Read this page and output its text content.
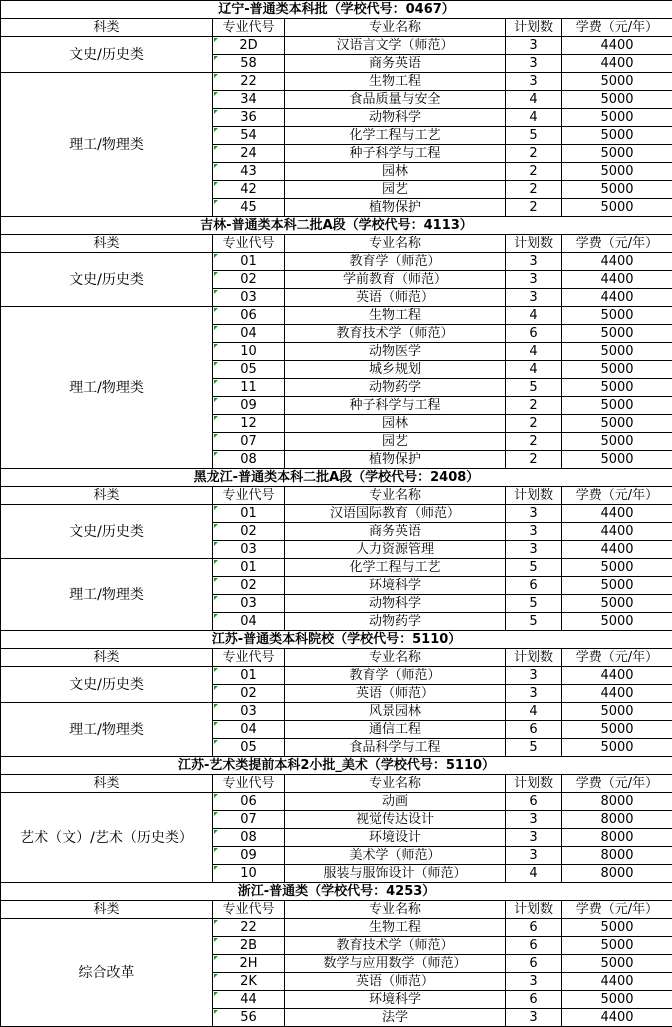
辽宁-普通类本科批（学校代号：0467）				
科类	专业代号	专业名称	计划数	学费（元/年）
文史/历史类	2D	汉语言文学（师范）	3	4400
	58	商务英语	3	4400
理工/物理类	22	生物工程	3	5000
	34	食品质量与安全	4	5000
	36	动物科学	4	5000
	54	化学工程与工艺	5	5000
	24	种子科学与工程	2	5000
	43	园林	2	5000
	42	园艺	2	5000
	45	植物保护	2	5000
吉林-普通类本科二批A段（学校代号：4113）				
科类	专业代号	专业名称	计划数	学费（元/年）
文史/历史类	01	教育学（师范）	3	4400
	02	学前教育（师范）	3	4400
	03	英语（师范）	3	4400
理工/物理类	06	生物工程	4	5000
	04	教育技术学（师范）	6	5000
	10	动物医学	4	5000
	05	城乡规划	4	5000
	11	动物药学	5	5000
	09	种子科学与工程	2	5000
	12	园林	2	5000
	07	园艺	2	5000
	08	植物保护	2	5000
黑龙江-普通类本科二批A段（学校代号：2408）				
科类	专业代号	专业名称	计划数	学费（元/年）
文史/历史类	01	汉语国际教育（师范）	3	4400
	02	商务英语	3	4400
	03	人力资源管理	3	4400
理工/物理类	01	化学工程与工艺	5	5000
	02	环境科学	6	5000
	03	动物科学	5	5000
	04	动物药学	5	5000
江苏-普通类本科院校（学校代号：5110）				
科类	专业代号	专业名称	计划数	学费（元/年）
文史/历史类	01	教育学（师范）	3	4400
	02	英语（师范）	3	4400
理工/物理类	03	风景园林	4	5000
	04	通信工程	6	5000
	05	食品科学与工程	5	5000
江苏-艺术类提前本科2小批_美术（学校代号：5110）				
科类	专业代号	专业名称	计划数	学费（元/年）
艺术（文）/艺术（历史类）	06	动画	6	8000
	07	视觉传达设计	3	8000
	08	环境设计	3	8000
	09	美术学（师范）	3	8000
	10	服装与服饰设计（师范）	4	8000
浙江-普通类（学校代号：4253）				
科类	专业代号	专业名称	计划数	学费（元/年）
综合改革	22	生物工程	6	5000
	2B	教育技术学（师范）	6	5000
	2H	数学与应用数学（师范）	6	5000
	2K	英语（师范）	3	4400
	44	环境科学	6	5000
	56	法学	3	4400
